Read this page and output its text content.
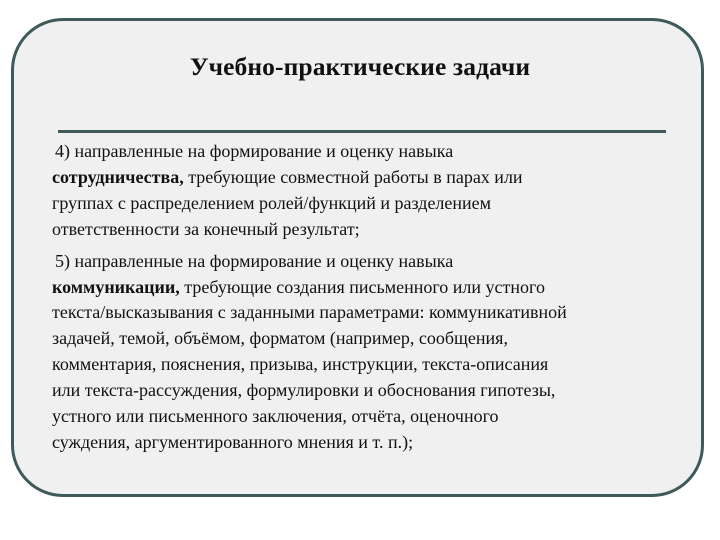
Учебно-практические задачи
4) направленные на формирование и оценку навыка
сотрудничества, требующие совместной работы в парах или
группах с распределением ролей/функций и разделением
ответственности за конечный результат;
5) направленные на формирование и оценку навыка
коммуникации, требующие создания письменного или устного
текста/высказывания с заданными параметрами: коммуникативной
задачей, темой, объёмом, форматом (например, сообщения,
комментария, пояснения, призыва, инструкции, текста-описания
или текста-рассуждения, формулировки и обоснования гипотезы,
устного или письменного заключения, отчёта, оценочного
суждения, аргументированного мнения и т. п.);
